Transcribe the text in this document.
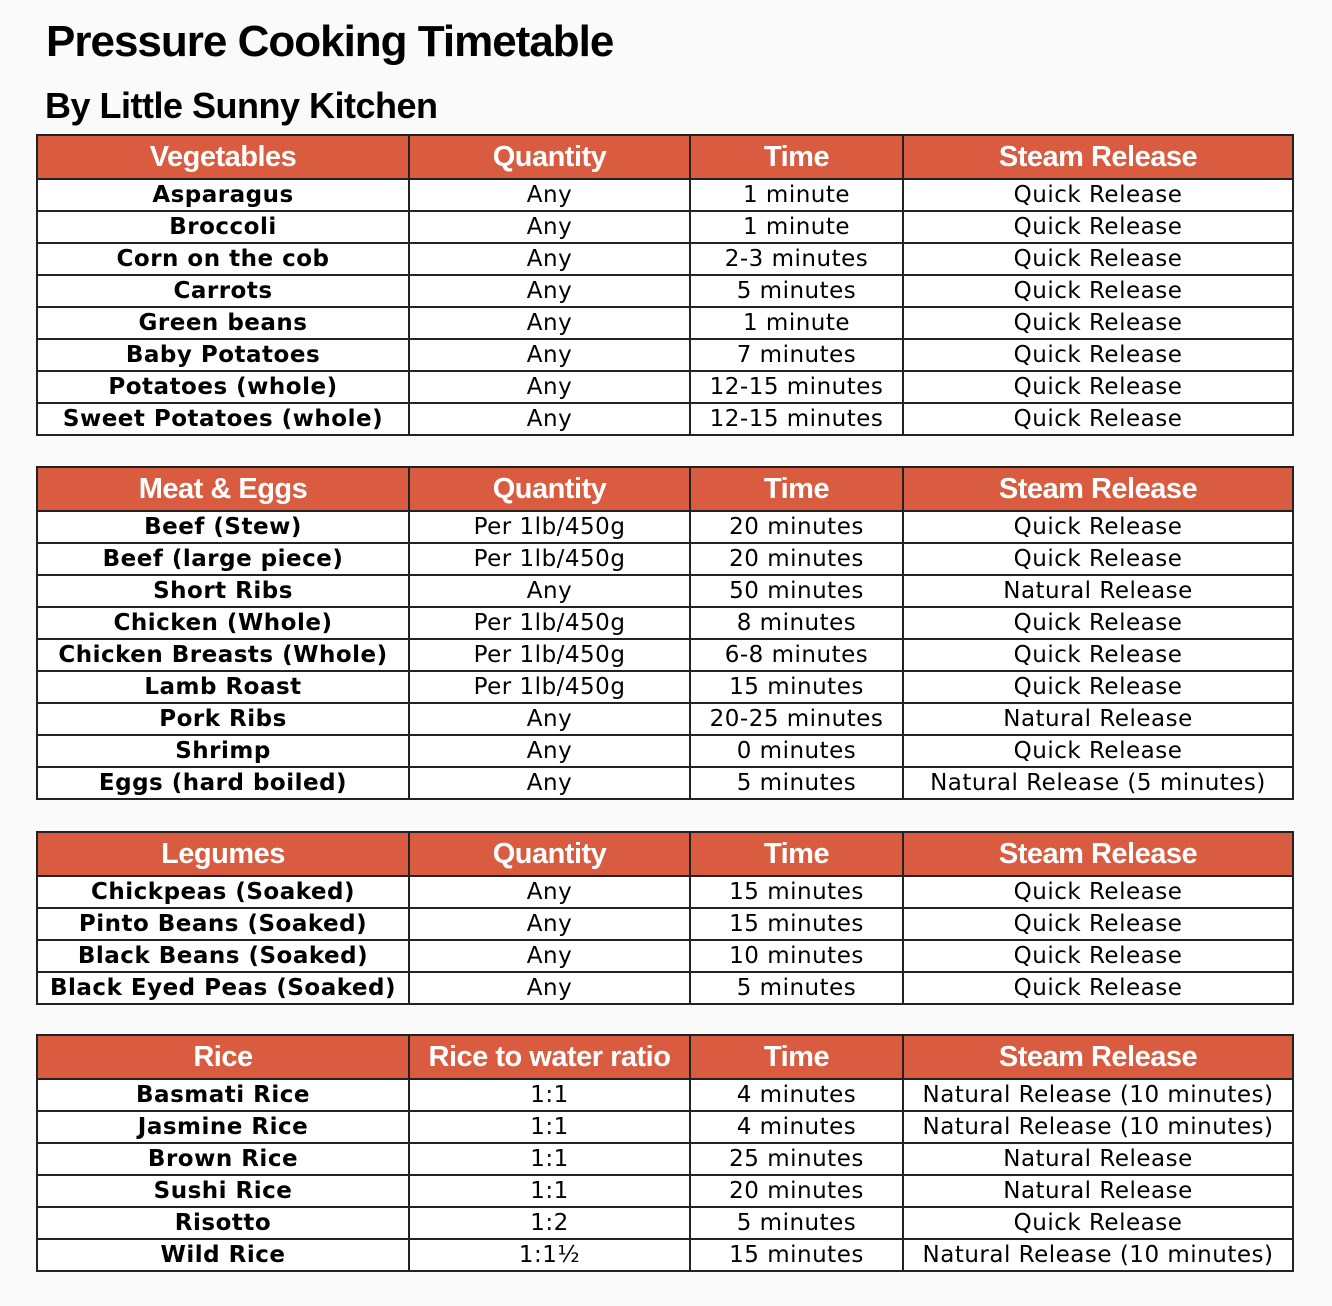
Pressure Cooking Timetable
By Little Sunny Kitchen
Vegetables	Quantity	Time	Steam Release
Asparagus	Any	1 minute	Quick Release
Broccoli	Any	1 minute	Quick Release
Corn on the cob	Any	2-3 minutes	Quick Release
Carrots	Any	5 minutes	Quick Release
Green beans	Any	1 minute	Quick Release
Baby Potatoes	Any	7 minutes	Quick Release
Potatoes (whole)	Any	12-15 minutes	Quick Release
Sweet Potatoes (whole)	Any	12-15 minutes	Quick Release
Meat & Eggs	Quantity	Time	Steam Release
Beef (Stew)	Per 1lb/450g	20 minutes	Quick Release
Beef (large piece)	Per 1lb/450g	20 minutes	Quick Release
Short Ribs	Any	50 minutes	Natural Release
Chicken (Whole)	Per 1lb/450g	8 minutes	Quick Release
Chicken Breasts (Whole)	Per 1lb/450g	6-8 minutes	Quick Release
Lamb Roast	Per 1lb/450g	15 minutes	Quick Release
Pork Ribs	Any	20-25 minutes	Natural Release
Shrimp	Any	0 minutes	Quick Release
Eggs (hard boiled)	Any	5 minutes	Natural Release (5 minutes)
Legumes	Quantity	Time	Steam Release
Chickpeas (Soaked)	Any	15 minutes	Quick Release
Pinto Beans (Soaked)	Any	15 minutes	Quick Release
Black Beans (Soaked)	Any	10 minutes	Quick Release
Black Eyed Peas (Soaked)	Any	5 minutes	Quick Release
Rice	Rice to water ratio	Time	Steam Release
Basmati Rice	1:1	4 minutes	Natural Release (10 minutes)
Jasmine Rice	1:1	4 minutes	Natural Release (10 minutes)
Brown Rice	1:1	25 minutes	Natural Release
Sushi Rice	1:1	20 minutes	Natural Release
Risotto	1:2	5 minutes	Quick Release
Wild Rice	1:1½	15 minutes	Natural Release (10 minutes)
